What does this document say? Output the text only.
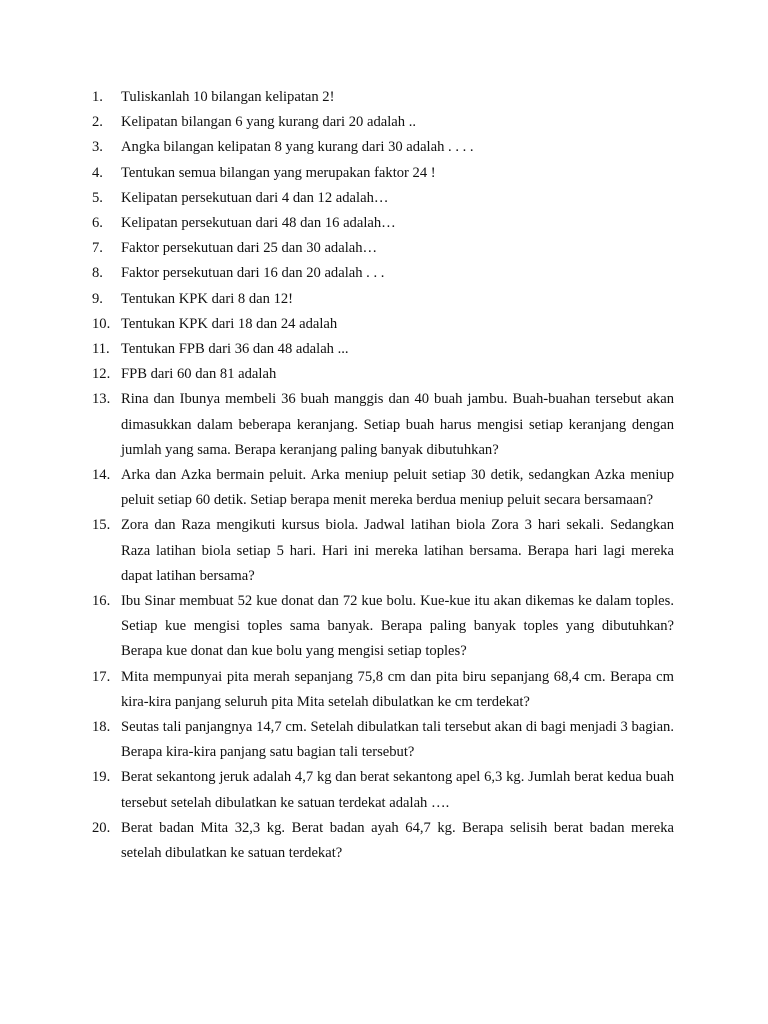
1.	Tuliskanlah 10 bilangan kelipatan 2!
2.	Kelipatan bilangan 6 yang kurang dari 20 adalah ..
3.	Angka bilangan kelipatan 8 yang kurang dari 30 adalah . . . .
4.	Tentukan semua bilangan yang merupakan faktor 24 !
5.	Kelipatan persekutuan dari 4 dan 12 adalah…
6.	Kelipatan persekutuan dari 48 dan 16 adalah…
7.	Faktor persekutuan dari 25 dan 30 adalah…
8.	Faktor persekutuan dari 16 dan 20 adalah . . .
9.	Tentukan KPK dari 8 dan 12!
10. Tentukan KPK dari 18 dan 24 adalah
11. Tentukan FPB dari 36 dan 48 adalah ...
12. FPB dari 60 dan 81 adalah
13. Rina dan Ibunya membeli 36 buah manggis dan 40 buah jambu. Buah-buahan tersebut akan dimasukkan dalam beberapa keranjang. Setiap buah harus mengisi setiap keranjang dengan jumlah yang sama. Berapa keranjang paling banyak dibutuhkan?
14. Arka dan Azka bermain peluit. Arka meniup peluit setiap 30 detik, sedangkan Azka meniup peluit setiap 60 detik. Setiap berapa menit mereka berdua meniup peluit secara bersamaan?
15. Zora dan Raza mengikuti kursus biola. Jadwal latihan biola Zora 3 hari sekali. Sedangkan Raza latihan biola setiap 5 hari. Hari ini mereka latihan bersama. Berapa hari lagi mereka dapat latihan bersama?
16. Ibu Sinar membuat 52 kue donat dan 72 kue bolu. Kue-kue itu akan dikemas ke dalam toples. Setiap kue mengisi toples sama banyak. Berapa paling banyak toples yang dibutuhkan? Berapa kue donat dan kue bolu yang mengisi setiap toples?
17. Mita mempunyai pita merah sepanjang 75,8 cm dan pita biru sepanjang 68,4 cm. Berapa cm kira-kira panjang seluruh pita Mita setelah dibulatkan ke cm terdekat?
18. Seutas tali panjangnya 14,7 cm. Setelah dibulatkan tali tersebut akan di bagi menjadi 3 bagian. Berapa kira-kira panjang satu bagian tali tersebut?
19. Berat sekantong jeruk adalah 4,7 kg dan berat sekantong apel 6,3 kg. Jumlah berat kedua buah tersebut setelah dibulatkan ke satuan terdekat adalah ….
20. Berat badan Mita 32,3 kg. Berat badan ayah 64,7 kg. Berapa selisih berat badan mereka setelah dibulatkan ke satuan terdekat?
